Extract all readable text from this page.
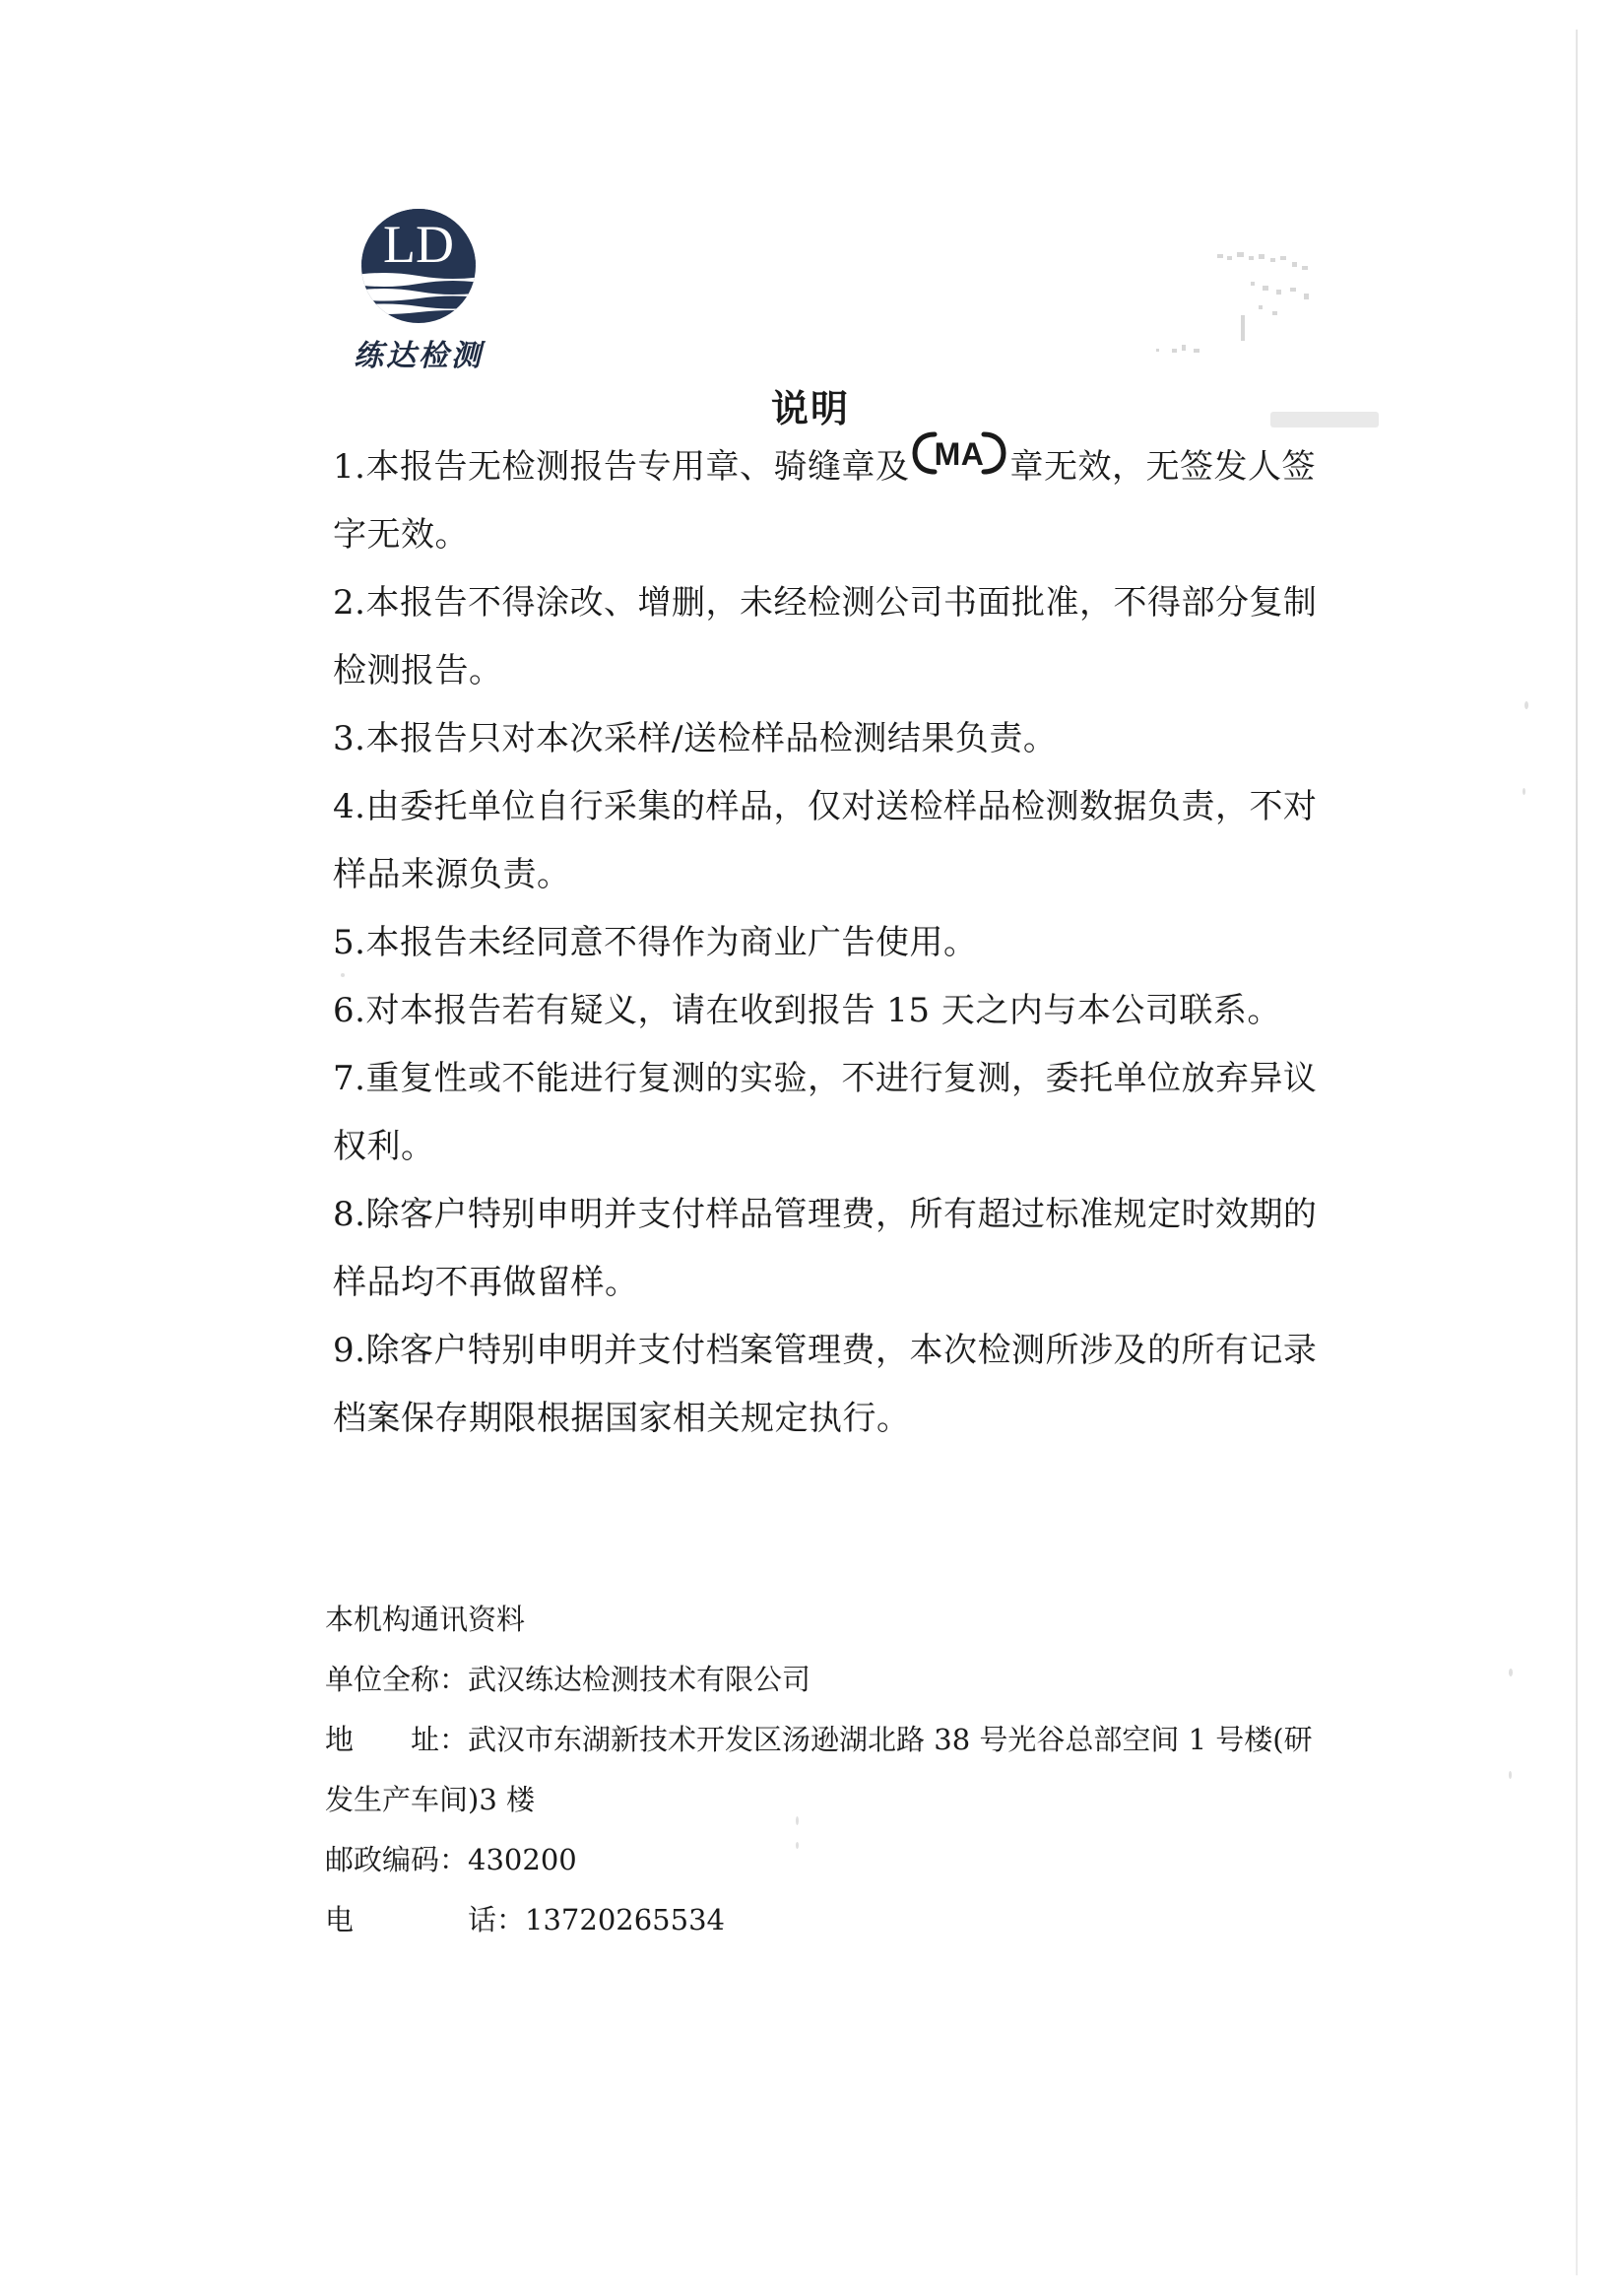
LD
练达检测
说明

1.本报告无检测报告专用章、骑缝章及 MA 章无效，无签发人签字无效。

2.本报告不得涂改、增删，未经检测公司书面批准，不得部分复制检测报告。

3.本报告只对本次采样/送检样品检测结果负责。

4.由委托单位自行采集的样品，仅对送检样品检测数据负责，不对样品来源负责。

5.本报告未经同意不得作为商业广告使用。

6.对本报告若有疑义，请在收到报告 15 天之内与本公司联系。

7.重复性或不能进行复测的实验，不进行复测，委托单位放弃异议权利。

8.除客户特别申明并支付样品管理费，所有超过标准规定时效期的样品均不再做留样。

9.除客户特别申明并支付档案管理费，本次检测所涉及的所有记录档案保存期限根据国家相关规定执行。

本机构通讯资料

单位全称：武汉练达检测技术有限公司

地 址：武汉市东湖新技术开发区汤逊湖北路 38 号光谷总部空间 1 号楼(研发生产车间)3 楼

邮政编码：430200

电	话：13720265534
